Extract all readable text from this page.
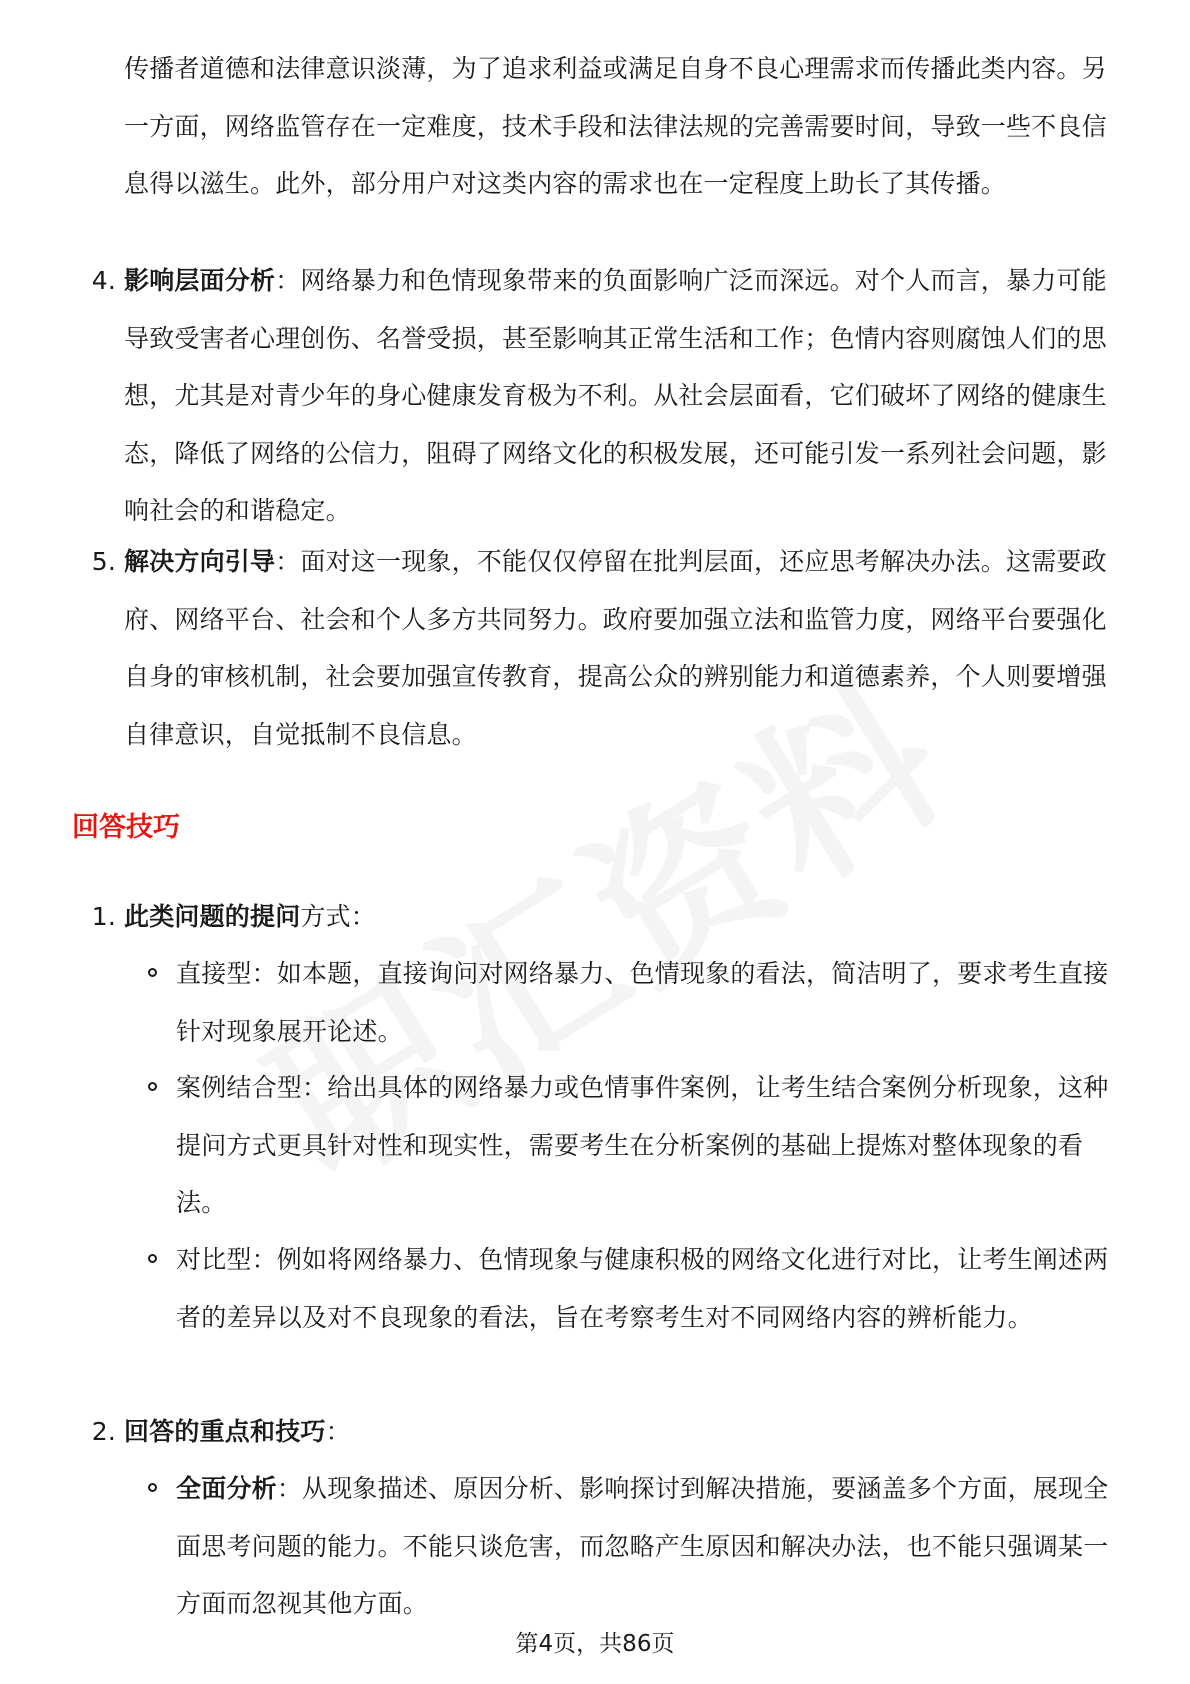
传播者道德和法律意识淡薄，为了追求利益或满足自身不良心理需求而传播此类内容。另一方面，网络监管存在一定难度，技术手段和法律法规的完善需要时间，导致一些不良信息得以滋生。此外，部分用户对这类内容的需求也在一定程度上助长了其传播。

4. 影响层面分析：网络暴力和色情现象带来的负面影响广泛而深远。对个人而言，暴力可能导致受害者心理创伤、名誉受损，甚至影响其正常生活和工作；色情内容则腐蚀人们的思想，尤其是对青少年的身心健康发育极为不利。从社会层面看，它们破坏了网络的健康生态，降低了网络的公信力，阻碍了网络文化的积极发展，还可能引发一系列社会问题，影响社会的和谐稳定。
5. 解决方向引导：面对这一现象，不能仅仅停留在批判层面，还应思考解决办法。这需要政府、网络平台、社会和个人多方共同努力。政府要加强立法和监管力度，网络平台要强化自身的审核机制，社会要加强宣传教育，提高公众的辨别能力和道德素养，个人则要增强自律意识，自觉抵制不良信息。
回答技巧
1. 此类问题的提问方式：
直接型：如本题，直接询问对网络暴力、色情现象的看法，简洁明了，要求考生直接针对现象展开论述。
案例结合型：给出具体的网络暴力或色情事件案例，让考生结合案例分析现象，这种提问方式更具针对性和现实性，需要考生在分析案例的基础上提炼对整体现象的看法。
对比型：例如将网络暴力、色情现象与健康积极的网络文化进行对比，让考生阐述两者的差异以及对不良现象的看法，旨在考察考生对不同网络内容的辨析能力。
2. 回答的重点和技巧：
全面分析：从现象描述、原因分析、影响探讨到解决措施，要涵盖多个方面，展现全面思考问题的能力。不能只谈危害，而忽略产生原因和解决办法，也不能只强调某一方面而忽视其他方面。

第4页，共86页
